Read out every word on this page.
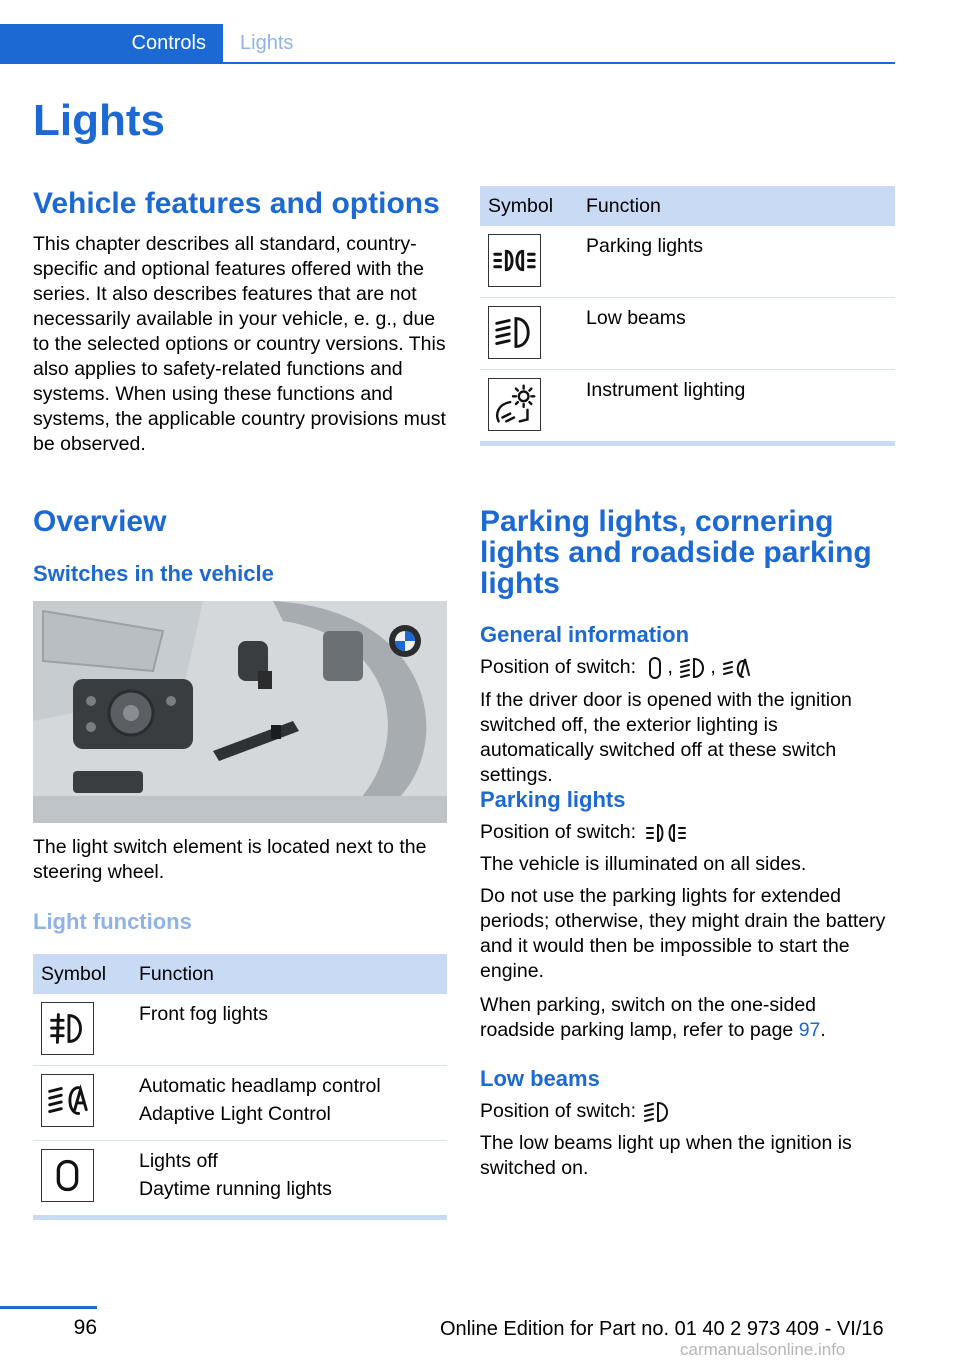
Controls	Lights
Lights
Vehicle features and options

This chapter describes all standard, country-specific and optional features offered with the series. It also describes features that are not necessarily available in your vehicle, e. g., due to the selected options or country versions. This also applies to safety-related functions and systems. When using these functions and systems, the applicable country provisions must be observed.

Overview
Switches in the vehicle

The light switch element is located next to the steering wheel.

Light functions
Symbol	Function

Front fog lights

Automatic headlamp control
Adaptive Light Control

Lights off
Daytime running lights
Symbol	Function

Parking lights

Low beams

Instrument lighting
Parking lights, cornering lights and roadside parking lights
General information

Position of switch: ,
,

If the driver door is opened with the ignition switched off, the exterior lighting is automatically switched off at these switch settings.

Parking lights

Position of switch:

The vehicle is illuminated on all sides.

Do not use the parking lights for extended periods; otherwise, they might drain the battery and it would then be impossible to start the engine.

When parking, switch on the one-sided roadside parking lamp, refer to page 97.

Low beams

Position of switch:

The low beams light up when the ignition is switched on.

96	Online Edition for Part no. 01 40 2 973 409 - VI/16
carmanualsonline.info
